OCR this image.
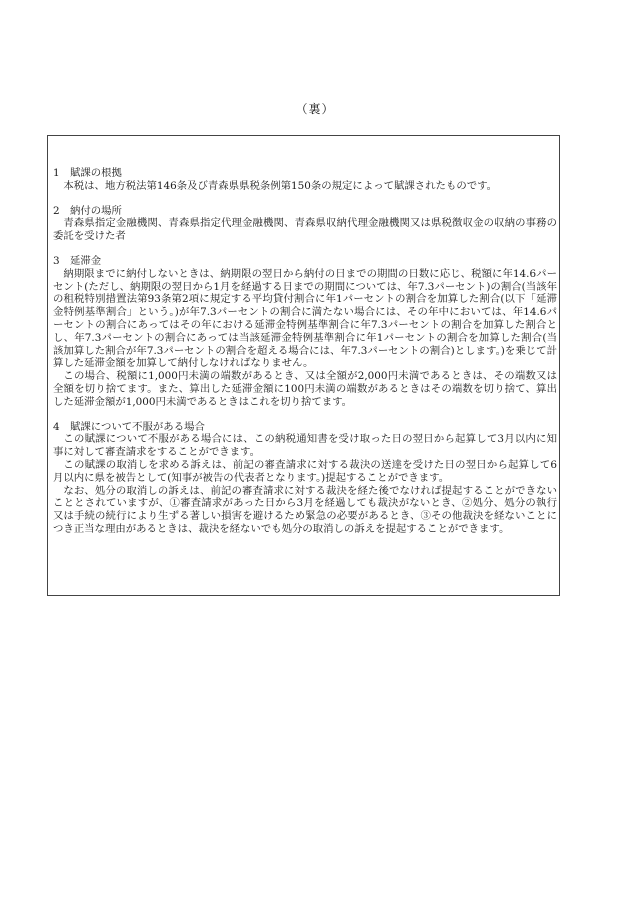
（裏）
1 賦課の根拠

本税は、地方税法第146条及び青森県県税条例第150条の規定によって賦課されたものです。

2 納付の場所

青森県指定金融機関、青森県指定代理金融機関、青森県収納代理金融機関又は県税徴収金の収納の事務の委託を受けた者

3 延滞金

納期限までに納付しないときは、納期限の翌日から納付の日までの期間の日数に応じ、税額に年14.6パーセント(ただし、納期限の翌日から1月を経過する日までの期間については、年7.3パーセント)の割合(当該年の租税特別措置法第93条第2項に規定する平均貸付割合に年1パーセントの割合を加算した割合(以下「延滞金特例基準割合」という。)が年7.3パーセントの割合に満たない場合には、その年中においては、年14.6パーセントの割合にあってはその年における延滞金特例基準割合に年7.3パーセントの割合を加算した割合とし、年7.3パーセントの割合にあっては当該延滞金特例基準割合に年1パーセントの割合を加算した割合(当該加算した割合が年7.3パーセントの割合を超える場合には、年7.3パーセントの割合)とします。)を乗じて計算した延滞金額を加算して納付しなければなりません。

この場合、税額に1,000円未満の端数があるとき、又は全額が2,000円未満であるときは、その端数又は全額を切り捨てます。また、算出した延滞金額に100円未満の端数があるときはその端数を切り捨て、算出した延滞金額が1,000円未満であるときはこれを切り捨てます。

4 賦課について不服がある場合

この賦課について不服がある場合には、この納税通知書を受け取った日の翌日から起算して3月以内に知事に対して審査請求をすることができます。

この賦課の取消しを求める訴えは、前記の審査請求に対する裁決の送達を受けた日の翌日から起算して6月以内に県を被告として(知事が被告の代表者となります。)提起することができます。

なお、処分の取消しの訴えは、前記の審査請求に対する裁決を経た後でなければ提起することができないこととされていますが、①審査請求があった日から3月を経過しても裁決がないとき、②処分、処分の執行又は手続の続行により生ずる著しい損害を避けるため緊急の必要があるとき、③その他裁決を経ないことにつき正当な理由があるときは、裁決を経ないでも処分の取消しの訴えを提起することができます。
